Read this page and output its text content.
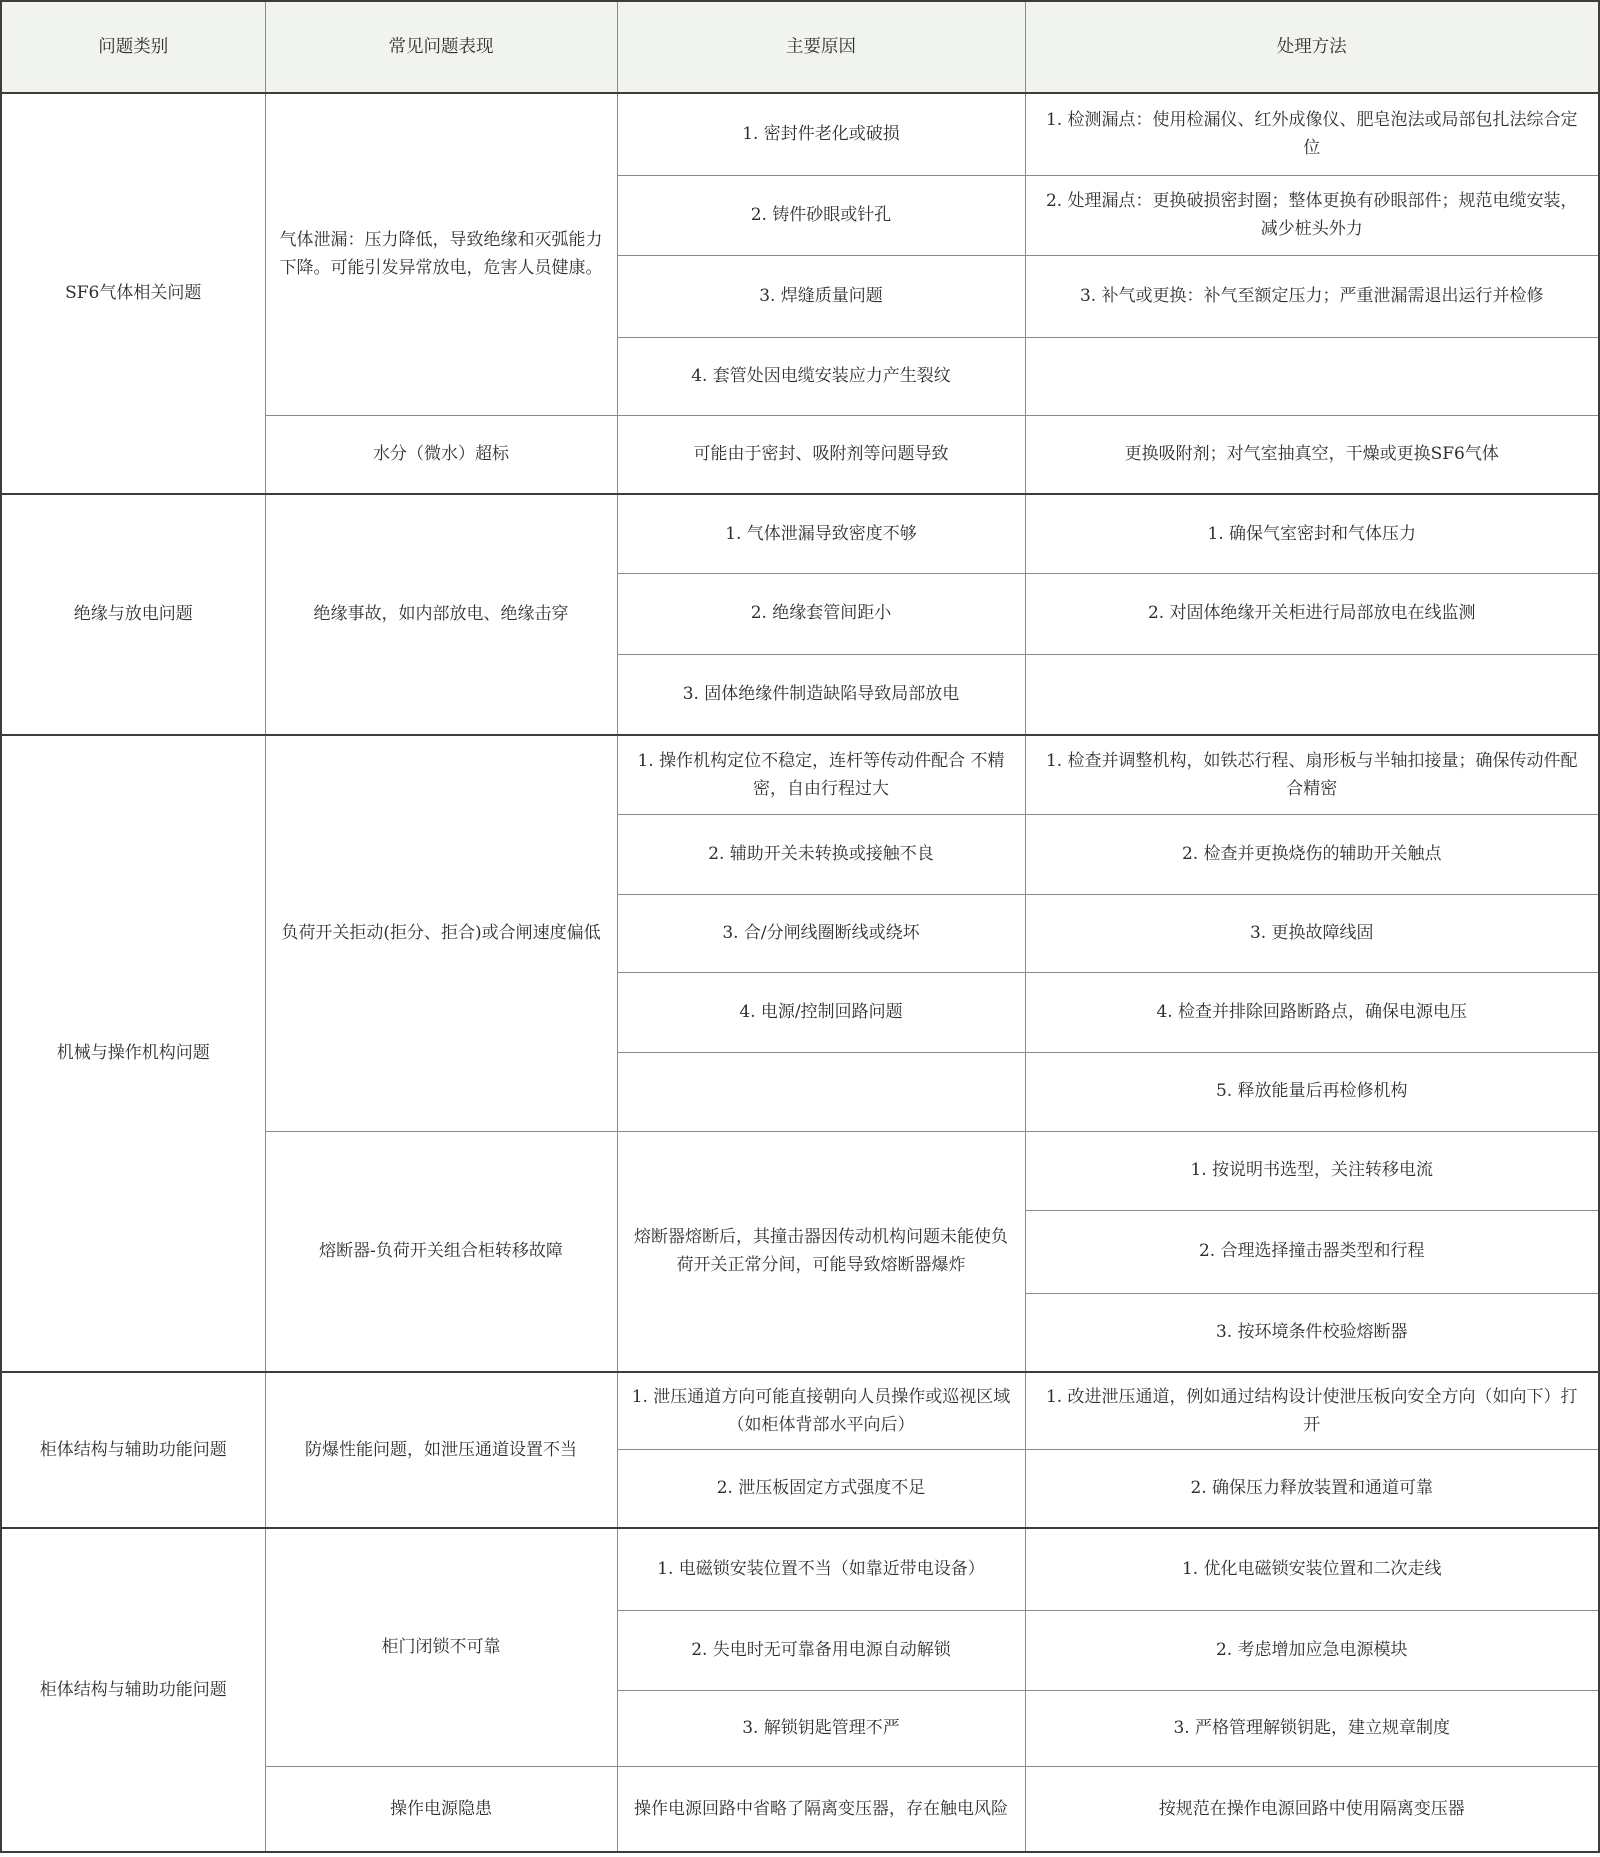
问题类别	常见问题表现	主要原因	处理方法
SF6气体相关问题	气体泄漏：压力降低，导致绝缘和灭弧能力下降。可能引发异常放电，危害人员健康。	1. 密封件老化或破损	1. 检测漏点：使用检漏仪、红外成像仪、肥皂泡法或局部包扎法综合定位
		2. 铸件砂眼或针孔	2. 处理漏点：更换破损密封圈；整体更换有砂眼部件；规范电缆安装，减少桩头外力
		3. 焊缝质量问题	3. 补气或更换：补气至额定压力；严重泄漏需退出运行并检修
		4. 套管处因电缆安装应力产生裂纹	
	水分（微水）超标	可能由于密封、吸附剂等问题导致	更换吸附剂；对气室抽真空，干燥或更换SF6气体
绝缘与放电问题	绝缘事故，如内部放电、绝缘击穿	1. 气体泄漏导致密度不够	1. 确保气室密封和气体压力
		2. 绝缘套管间距小	2. 对固体绝缘开关柜进行局部放电在线监测
		3. 固体绝缘件制造缺陷导致局部放电	
机械与操作机构问题	负荷开关拒动(拒分、拒合)或合闸速度偏低	1. 操作机构定位不稳定，连杆等传动件配合 不精密，自由行程过大	1. 检查并调整机构，如铁芯行程、扇形板与半轴扣接量；确保传动件配合精密
		2. 辅助开关未转换或接触不良	2. 检查并更换烧伤的辅助开关触点
		3. 合/分闸线圈断线或绕坏	3. 更换故障线固
		4. 电源/控制回路问题	4. 检查并排除回路断路点，确保电源电压
			5. 释放能量后再检修机构
	熔断器-负荷开关组合柜转移故障	熔断器熔断后，其撞击器因传动机构问题未能使负荷开关正常分间，可能导致熔断器爆炸	1. 按说明书选型，关注转移电流
			2. 合理选择撞击器类型和行程
			3. 按环境条件校验熔断器
柜体结构与辅助功能问题	防爆性能问题，如泄压通道设置不当	1. 泄压通道方向可能直接朝向人员操作或巡视区域（如柜体背部水平向后）	1. 改进泄压通道，例如通过结构设计使泄压板向安全方向（如向下）打开
		2. 泄压板固定方式强度不足	2. 确保压力释放装置和通道可靠
柜体结构与辅助功能问题	柜门闭锁不可靠	1. 电磁锁安装位置不当（如靠近带电设备）	1. 优化电磁锁安装位置和二次走线
		2. 失电时无可靠备用电源自动解锁	2. 考虑增加应急电源模块
		3. 解锁钥匙管理不严	3. 严格管理解锁钥匙，建立规章制度
	操作电源隐患	操作电源回路中省略了隔离变压器，存在触电风险	按规范在操作电源回路中使用隔离变压器
